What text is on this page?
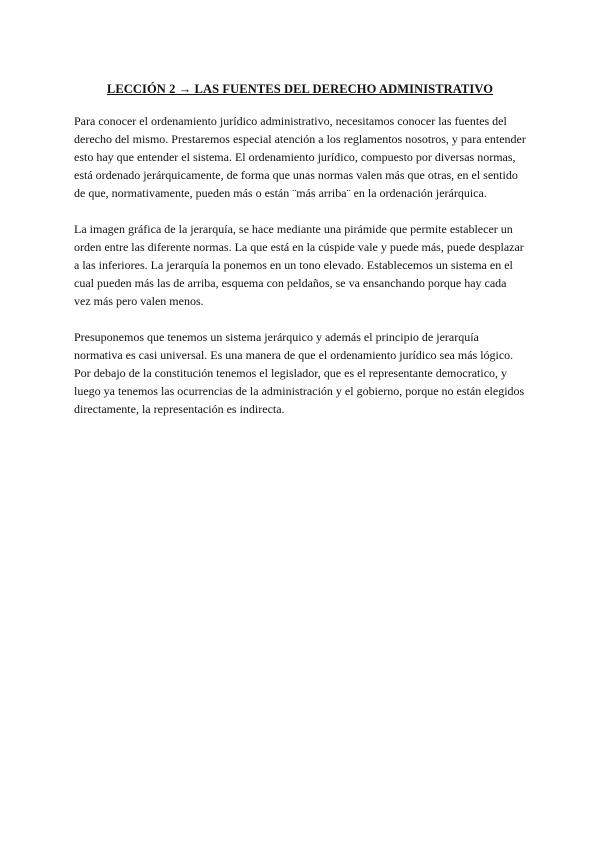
LECCIÓN 2 → LAS FUENTES DEL DERECHO ADMINISTRATIVO

Para conocer el ordenamiento jurídico administrativo, necesitamos conocer las fuentes del derecho del mismo. Prestaremos especial atención a los reglamentos nosotros, y para entender esto hay que entender el sistema. El ordenamiento jurídico, compuesto por diversas normas, está ordenado jerárquicamente, de forma que unas normas valen más que otras, en el sentido de que, normativamente, pueden más o están ¨más arriba¨ en la ordenación jerárquica.

La imagen gráfica de la jerarquía, se hace mediante una pirámide que permite establecer un orden entre las diferente normas. La que está en la cúspide vale y puede más, puede desplazar a las inferiores. La jerarquía la ponemos en un tono elevado. Establecemos un sistema en el cual pueden más las de arriba, esquema con peldaños, se va ensanchando porque hay cada vez más pero valen menos.

Presuponemos que tenemos un sistema jerárquico y además el principio de jerarquía normativa es casi universal. Es una manera de que el ordenamiento jurídico sea más lógico. Por debajo de la constitución tenemos el legislador, que es el representante democratico, y luego ya tenemos las ocurrencias de la administración y el gobierno, porque no están elegidos directamente, la representación es indirecta.
